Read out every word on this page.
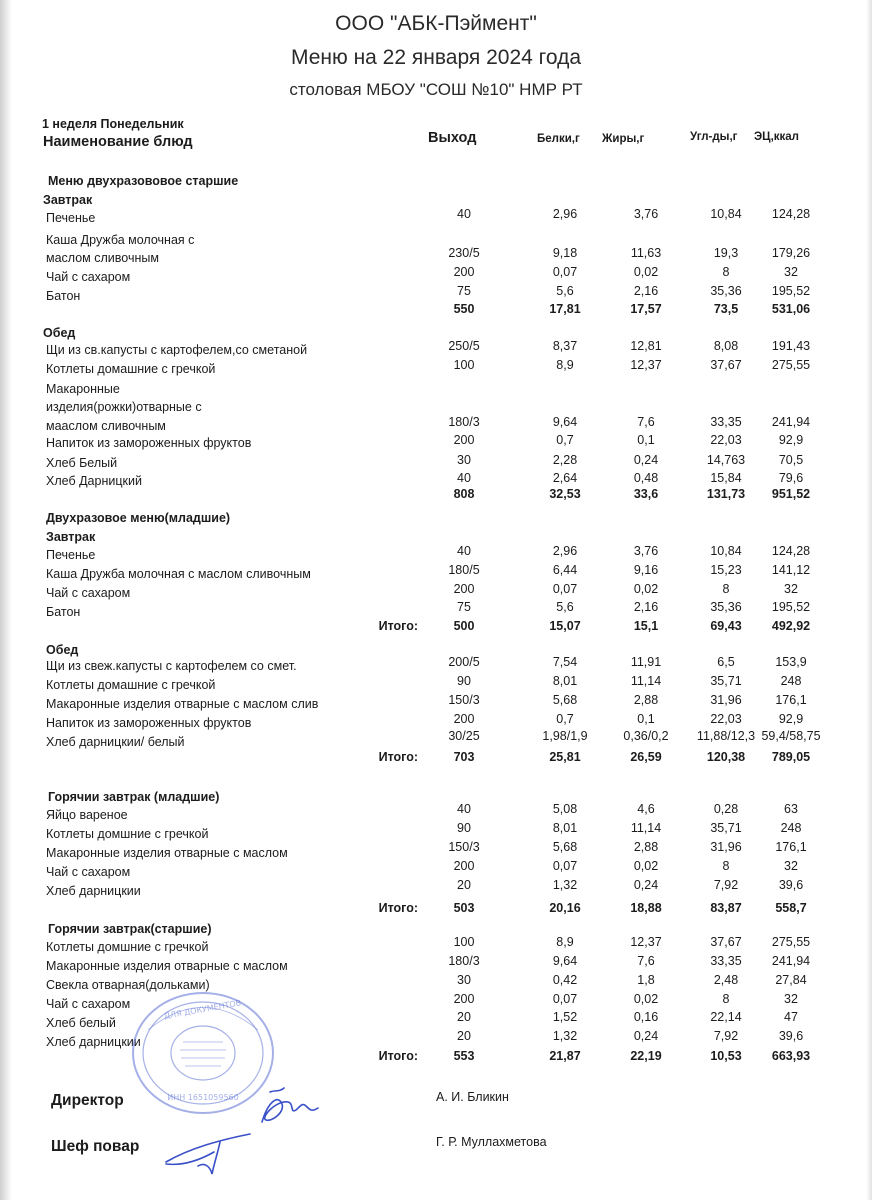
ООО "АБК-Пэймент"
Меню на 22 января 2024 года
столовая МБОУ "СОШ №10" НМР РТ
1 неделя Понедельник
Наименование блюд	Выход	Белки,г Жиры,г	Угл-ды,г ЭЦ,ккал
Меню двухразововое старшие
Завтрак
Печенье	40	2,96	3,76	10,84	124,28
Каша Дружба молочная с
маслом сливочным	230/5	9,18	11,63	19,3	179,26
Чай с сахаром	200	0,07	0,02	8	32
Батон	75	5,6	2,16	35,36	195,52
550	17,81	17,57	73,5	531,06
Обед
Щи из св.капусты с картофелем,со сметаной	250/5	8,37	12,81	8,08	191,43
Котлеты домашние с гречкой	100	8,9	12,37	37,67	275,55
Макаронные
изделия(рожки)отварные с
маaслом сливочным	180/3	9,64	7,6	33,35	241,94
Напиток из замороженных фруктов	200	0,7	0,1	22,03	92,9
Хлеб Белый	30	2,28	0,24	14,763	70,5
Хлеб Дарницкий	40	2,64	0,48	15,84	79,6
808	32,53	33,6	131,73	951,52
Двухразовое меню(младшие)
Завтрак
Печенье	40	2,96	3,76	10,84	124,28
Каша Дружба молочная с маслом сливочным	180/5	6,44	9,16	15,23	141,12
Чай с сахаром	200	0,07	0,02	8	32
Батон	75	5,6	2,16	35,36	195,52
Итого:	500	15,07	15,1	69,43	492,92
Обед
Щи из свеж.капусты с картофелем со смет.	200/5	7,54	11,91	6,5	153,9
Котлеты домашние с гречкой	90	8,01	11,14	35,71	248
Макаронные изделия отварные с маслом слив	150/3	5,68	2,88	31,96	176,1
Напиток из замороженных фруктов	200	0,7	0,1	22,03	92,9
Хлеб дарницкии/ белый	30/25	1,98/1,9	0,36/0,2	11,88/12,3 59,4/58,75
Итого:	703	25,81	26,59	120,38	789,05
Горячии завтрак (младшие)
Яйцо вареное	40	5,08	4,6	0,28	63
Котлеты домшние с гречкой	90	8,01	11,14	35,71	248
Макаронные изделия отварные с маслом	150/3	5,68	2,88	31,96	176,1
Чай с сахаром	200	0,07	0,02	8	32
Хлеб дарницкии	20	1,32	0,24	7,92	39,6
Итого:	503	20,16	18,88	83,87	558,7
Горячии завтрак(старшие)
Котлеты домшние с гречкой	100	8,9	12,37	37,67	275,55
Макаронные изделия отварные с маслом	180/3	9,64	7,6	33,35	241,94
Свекла отварная(дольками)	30	0,42	1,8	2,48	27,84
Чай с сахаром	200	0,07	0,02	8	32
Хлеб белый	20	1,52	0,16	22,14	47
Хлеб дарницкии	20	1,32	0,24	7,92	39,6
Итого:	553	21,87	22,19	10,53	663,93
ДЛЯ ДОКУМЕНТОВ
ИНН 1651059560
Директор	А. И. Бликин
Шеф повар	Г. Р. Муллахметова
